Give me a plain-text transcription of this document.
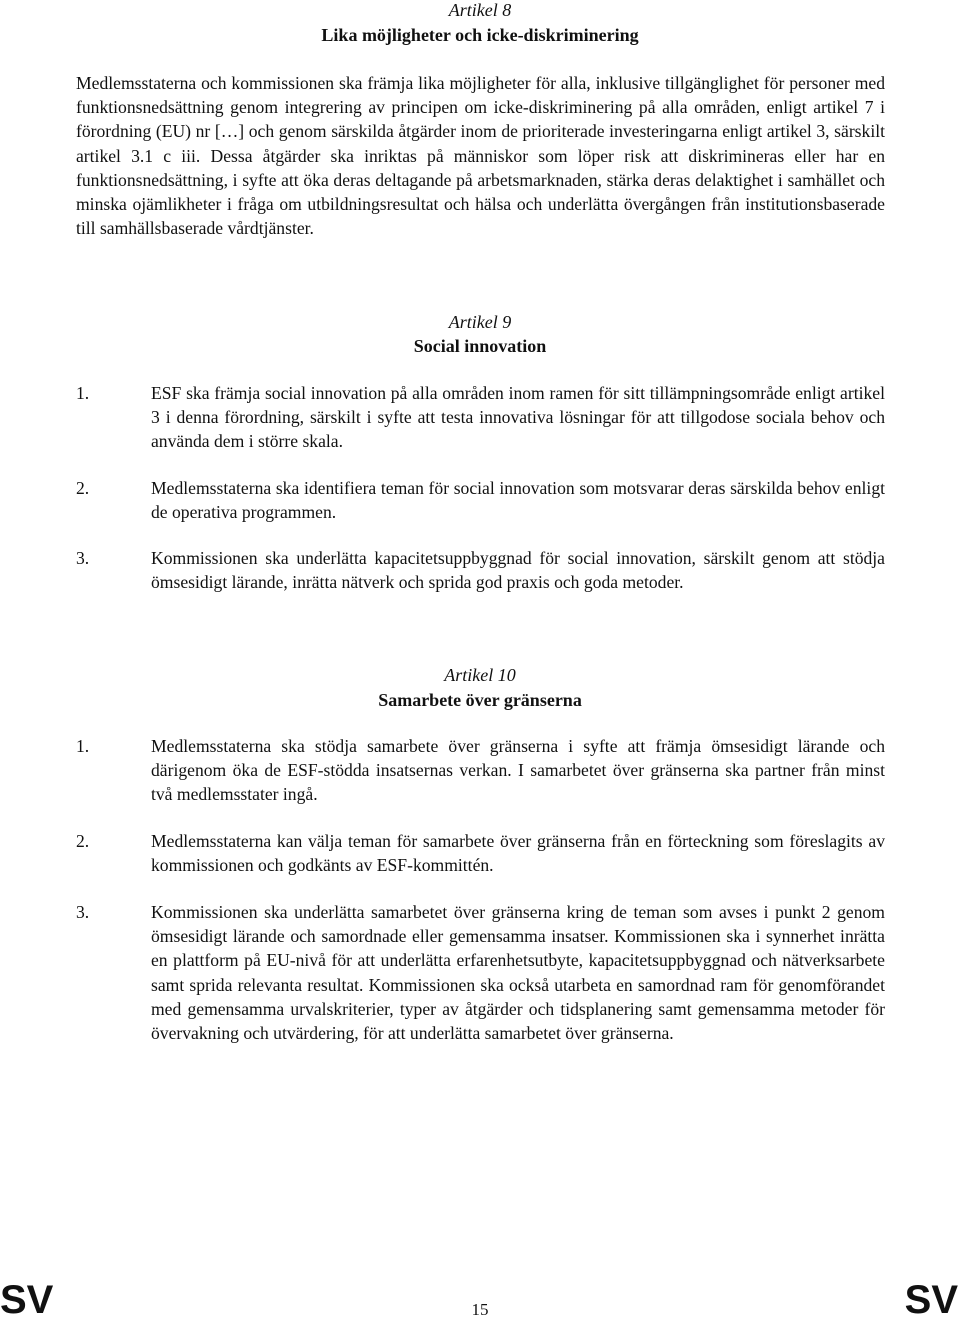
Artikel 8
Lika möjligheter och icke-diskriminering
Medlemsstaterna och kommissionen ska främja lika möjligheter för alla, inklusive tillgänglighet för personer med funktionsnedsättning genom integrering av principen om icke-diskriminering på alla områden, enligt artikel 7 i förordning (EU) nr […] och genom särskilda åtgärder inom de prioriterade investeringarna enligt artikel 3, särskilt artikel 3.1 c iii. Dessa åtgärder ska inriktas på människor som löper risk att diskrimineras eller har en funktionsnedsättning, i syfte att öka deras deltagande på arbetsmarknaden, stärka deras delaktighet i samhället och minska ojämlikheter i fråga om utbildningsresultat och hälsa och underlätta övergången från institutionsbaserade till samhällsbaserade vårdtjänster.
Artikel 9
Social innovation
1.	ESF ska främja social innovation på alla områden inom ramen för sitt tillämpningsområde enligt artikel 3 i denna förordning, särskilt i syfte att testa innovativa lösningar för att tillgodose sociala behov och använda dem i större skala.
2.	Medlemsstaterna ska identifiera teman för social innovation som motsvarar deras särskilda behov enligt de operativa programmen.
3.	Kommissionen ska underlätta kapacitetsuppbyggnad för social innovation, särskilt genom att stödja ömsesidigt lärande, inrätta nätverk och sprida god praxis och goda metoder.
Artikel 10
Samarbete över gränserna
1.	Medlemsstaterna ska stödja samarbete över gränserna i syfte att främja ömsesidigt lärande och därigenom öka de ESF-stödda insatsernas verkan. I samarbetet över gränserna ska partner från minst två medlemsstater ingå.
2.	Medlemsstaterna kan välja teman för samarbete över gränserna från en förteckning som föreslagits av kommissionen och godkänts av ESF-kommittén.
3.	Kommissionen ska underlätta samarbetet över gränserna kring de teman som avses i punkt 2 genom ömsesidigt lärande och samordnade eller gemensamma insatser. Kommissionen ska i synnerhet inrätta en plattform på EU-nivå för att underlätta erfarenhetsutbyte, kapacitetsuppbyggnad och nätverksarbete samt sprida relevanta resultat. Kommissionen ska också utarbeta en samordnad ram för genomförandet med gemensamma urvalskriterier, typer av åtgärder och tidsplanering samt gemensamma metoder för övervakning och utvärdering, för att underlätta samarbetet över gränserna.
SV	15	SV
